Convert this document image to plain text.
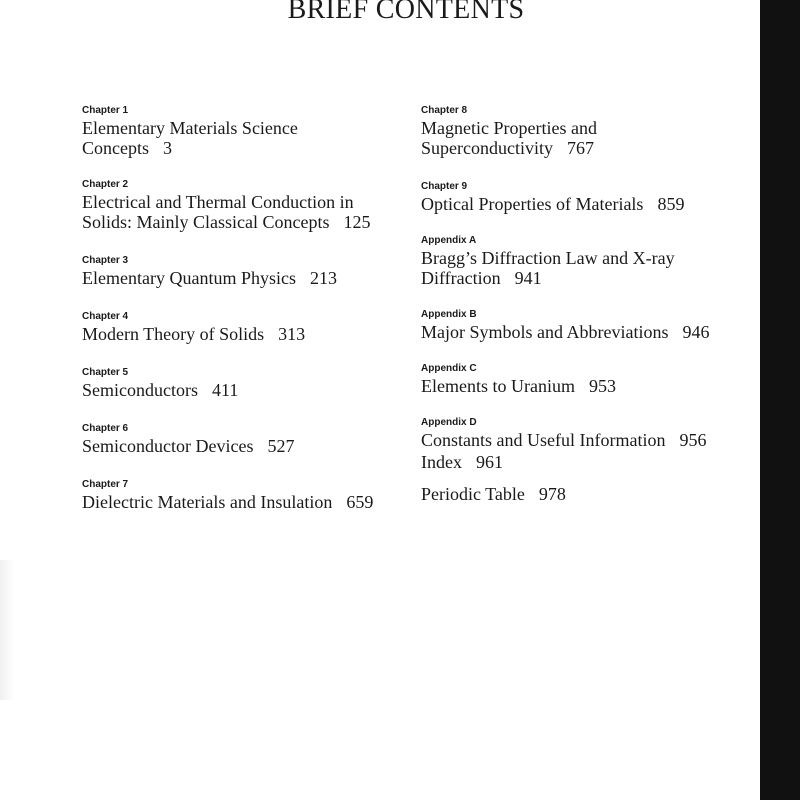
BRIEF CONTENTS
Chapter 1
Elementary Materials Science
Concepts 3
Chapter 2
Electrical and Thermal Conduction in
Solids: Mainly Classical Concepts 125
Chapter 3
Elementary Quantum Physics 213
Chapter 4
Modern Theory of Solids 313
Chapter 5
Semiconductors 411
Chapter 6
Semiconductor Devices 527
Chapter 7
Dielectric Materials and Insulation 659
Chapter 8
Magnetic Properties and
Superconductivity 767
Chapter 9
Optical Properties of Materials 859
Appendix A
Bragg’s Diffraction Law and X-ray
Diffraction 941
Appendix B
Major Symbols and Abbreviations 946
Appendix C
Elements to Uranium 953
Appendix D
Constants and Useful Information 956
Index 961
Periodic Table 978
